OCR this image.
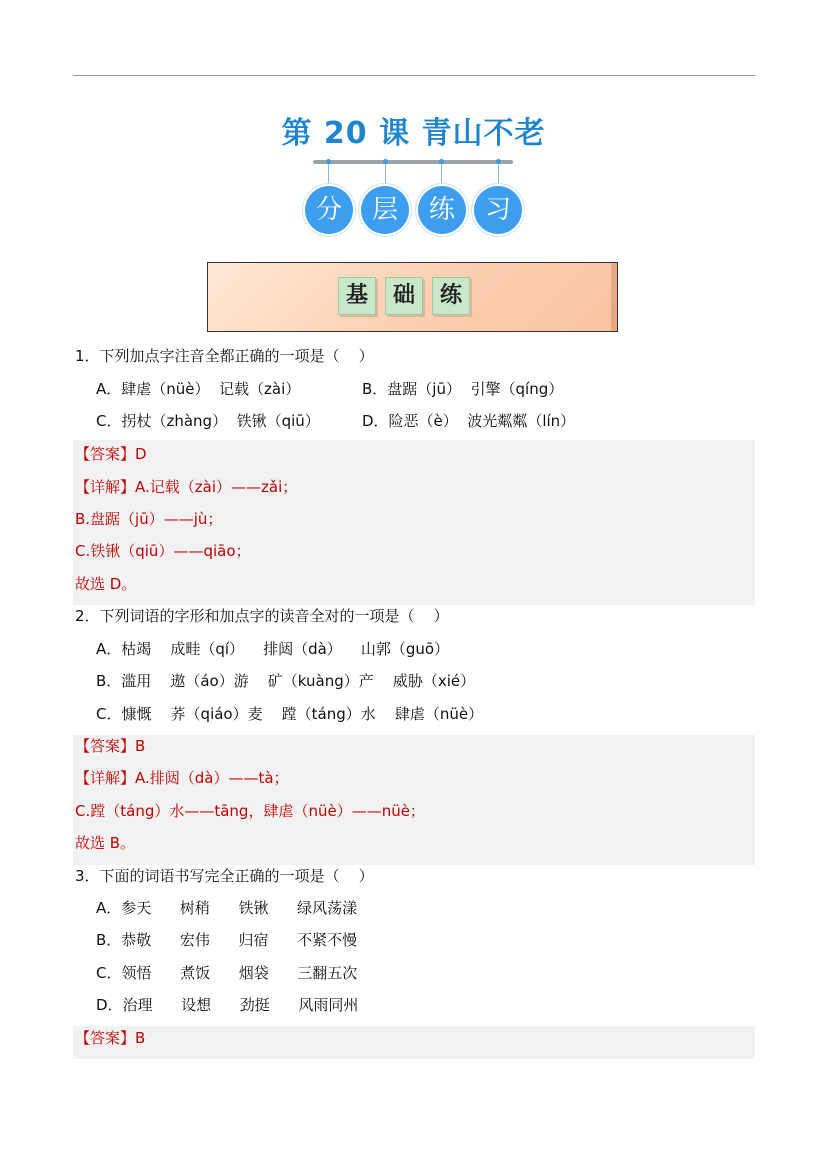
第 20 课 青山不老
分	层	练	习
基	础	练
1．下列加点字注音全都正确的一项是（    ）
A．肆虐（nüè）  记载（zài）	B．盘踞（jū）  引擎（qíng）
C．拐杖（zhàng）  铁锹（qiū）	D．险恶（è）  波光粼粼（lín）
【答案】D
【详解】A.记载（zài）——zǎi；
B.盘踞（jū）——jù；
C.铁锹（qiū）——qiāo；
故选 D。
2．下列词语的字形和加点字的读音全对的一项是（    ）
A．枯竭    成畦（qí）    排闼（dà）    山郭（guō）
B．滥用    遨（áo）游    矿（kuàng）产    威胁（xié）
C．慷慨    荞（qiáo）麦    蹚（táng）水    肆虐（nüè）
【答案】B
【详解】A.排闼（dà）——tà；
C.蹚（táng）水——tāng，肆虐（nüè）——nüè；
故选 B。
3．下面的词语书写完全正确的一项是（    ）
A．参天      树稍      铁锹      绿风荡漾
B．恭敬      宏伟      归宿      不紧不慢
C．领悟      煮饭      烟袋      三翻五次
D．治理      设想      劲挺      风雨同州
【答案】B
